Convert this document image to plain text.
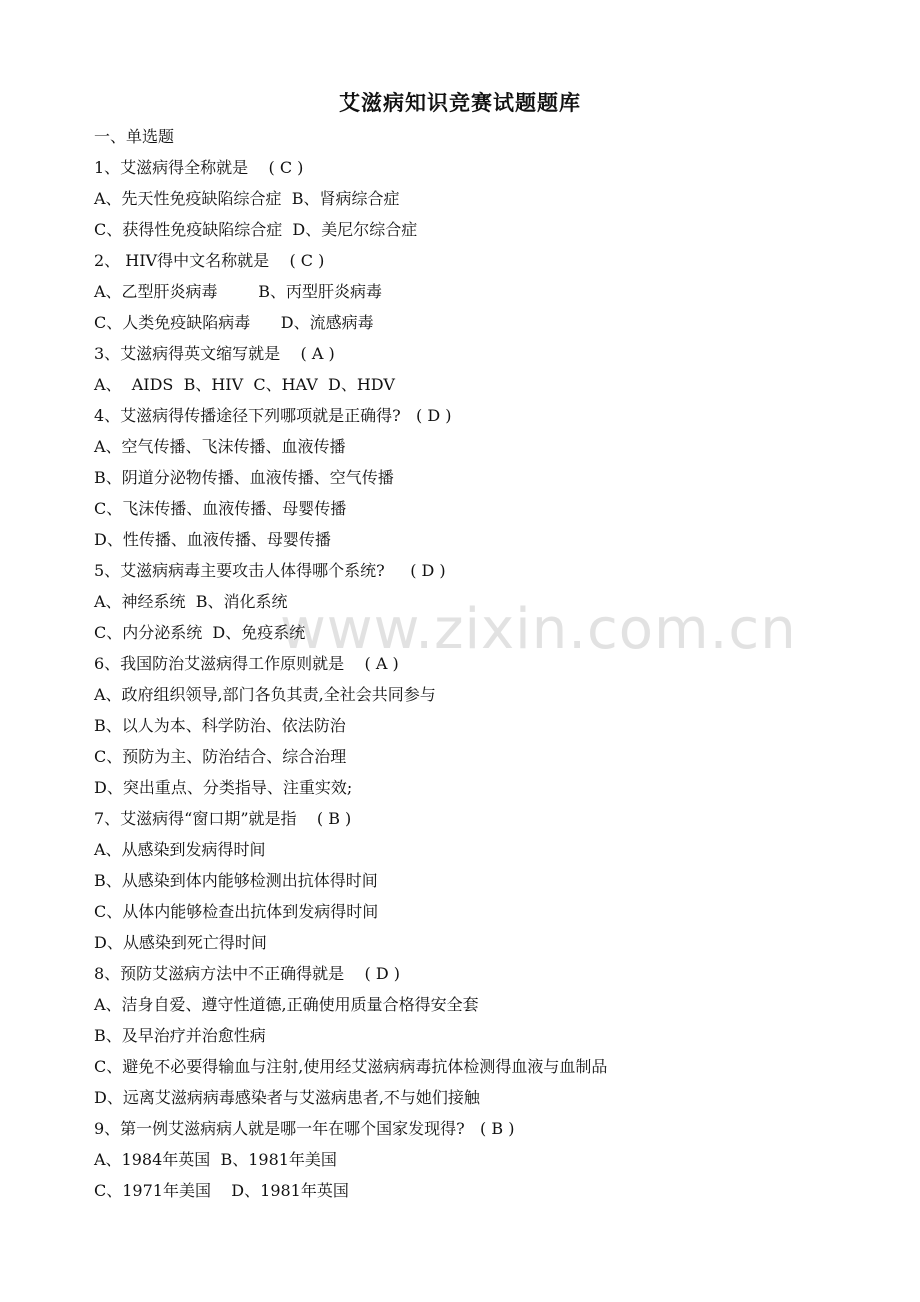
www.zixin.com.cn
艾滋病知识竞赛试题题库
一、单选题
1、艾滋病得全称就是    ( C )
A、先天性免疫缺陷综合症  B、肾病综合症
C、获得性免疫缺陷综合症  D、美尼尔综合症
2、 HIV得中文名称就是    ( C )
A、乙型肝炎病毒        B、丙型肝炎病毒
C、人类免疫缺陷病毒      D、流感病毒
3、艾滋病得英文缩写就是    ( A )
A、  AIDS  B、HIV  C、HAV  D、HDV
4、艾滋病得传播途径下列哪项就是正确得?   ( D )
A、空气传播、飞沫传播、血液传播
B、阴道分泌物传播、血液传播、空气传播
C、飞沫传播、血液传播、母婴传播
D、性传播、血液传播、母婴传播
5、艾滋病病毒主要攻击人体得哪个系统?     ( D )
A、神经系统  B、消化系统
C、内分泌系统  D、免疫系统
6、我国防治艾滋病得工作原则就是    ( A )
A、政府组织领导,部门各负其责,全社会共同参与
B、以人为本、科学防治、依法防治
C、预防为主、防治结合、综合治理
D、突出重点、分类指导、注重实效;
7、艾滋病得“窗口期”就是指    ( B )
A、从感染到发病得时间
B、从感染到体内能够检测出抗体得时间
C、从体内能够检查出抗体到发病得时间
D、从感染到死亡得时间
8、预防艾滋病方法中不正确得就是    ( D )
A、洁身自爱、遵守性道德,正确使用质量合格得安全套
B、及早治疗并治愈性病
C、避免不必要得输血与注射,使用经艾滋病病毒抗体检测得血液与血制品
D、远离艾滋病病毒感染者与艾滋病患者,不与她们接触
9、第一例艾滋病病人就是哪一年在哪个国家发现得?   ( B )
A、1984年英国  B、1981年美国
C、1971年美国    D、1981年英国
